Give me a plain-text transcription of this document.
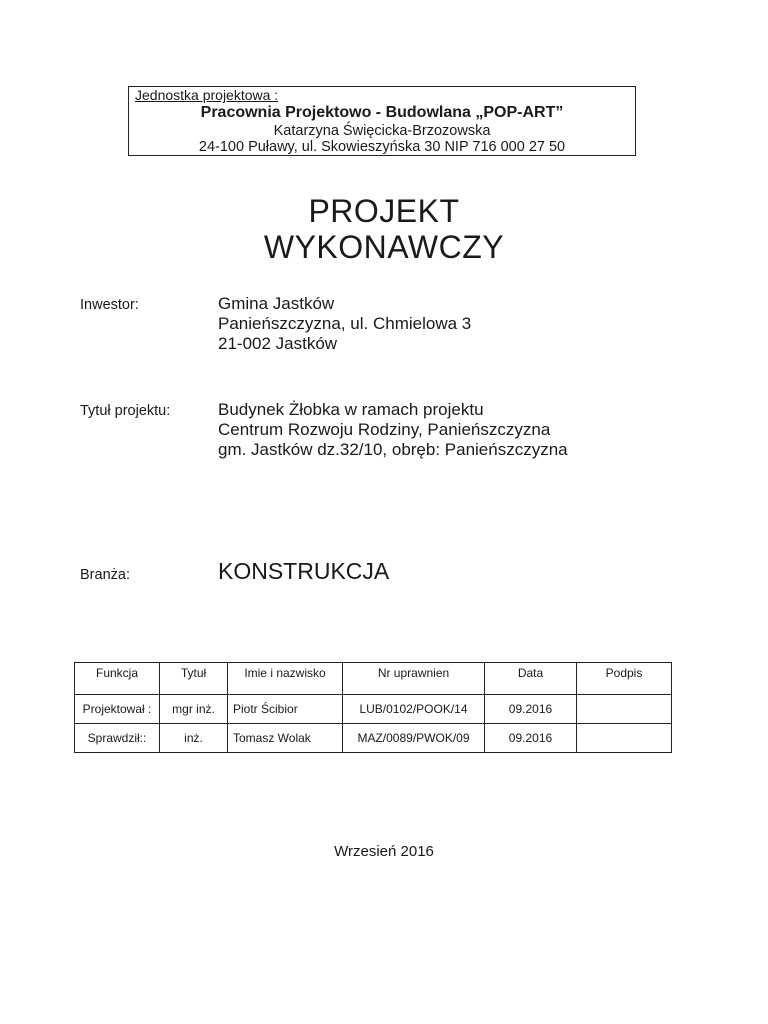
Jednostka projektowa :
Pracownia Projektowo - Budowlana „POP-ART”
Katarzyna Święcicka-Brzozowska
24-100 Puławy, ul. Skowieszyńska 30 NIP 716 000 27 50
PROJEKT
WYKONAWCZY
Inwestor:	Gmina Jastków
Panieńszczyzna, ul. Chmielowa 3
21-002 Jastków
Tytuł projektu:	Budynek Żłobka w ramach projektu
Centrum Rozwoju Rodziny, Panieńszczyzna
gm. Jastków dz.32/10, obręb: Panieńszczyzna
Branża:	KONSTRUKCJA
Funkcja	Tytuł	Imie i nazwisko	Nr uprawnien	Data	Podpis
Projektował :	mgr inż.	Piotr Ścibior	LUB/0102/POOK/14	09.2016	
Sprawdził::	inż.	Tomasz Wolak	MAZ/0089/PWOK/09	09.2016	
Wrzesień 2016
